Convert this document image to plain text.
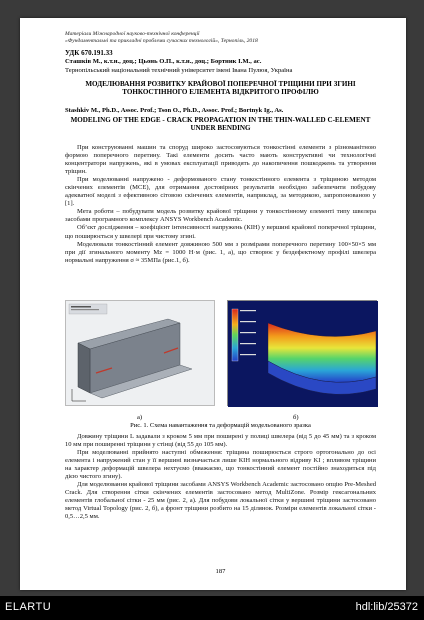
Матеріали Міжнародної науково-технічної конференції
«Фундаментальні та прикладні проблеми сучасних технологій», Тернопіль, 2018
УДК 670.191.33
Сташків М., к.т.н., доц.; Цьонь О.П., к.т.н., доц.; Бортник І.М., ас.
Тернопільський національний технічний університет імені Івана Пулюя, Україна
МОДЕЛЮВАННЯ РОЗВИТКУ КРАЙОВОЇ ПОПЕРЕЧНОЇ ТРІЩИНИ ПРИ ЗГИНІ ТОНКОСТІННОГО ЕЛЕМЕНТА ВІДКРИТОГО ПРОФІЛЮ
Stashkiv M., Ph.D., Assoc. Prof.; Tson O., Ph.D., Assoc. Prof.; Bortnyk Ig., As.
MODELING OF THE EDGE - CRACK PROPAGATION IN THE THIN-WALLED C-ELEMENT UNDER BENDING

При конструюванні машин та споруд широко застосовуються тонкостінні елементи з різноманітною формою поперечного перетину. Такі елементи досить часто мають конструктивні чи технологічні концентратори напружень, які в умовах експлуатації приводять до накопичення пошкоджень та утворення тріщин.

При моделюванні напружено - деформованого стану тонкостінного елемента з тріщиною методом скінчених елементів (МСЕ), для отримання достовірних результатів необхідно забезпечити побудову адекватної моделі з ефективною сітовою скінчених елементів, наприклад, за методикою, запропонованою у [1].

Мета роботи – побудувати модель розвитку крайової тріщини у тонкостінному елементі типу швелера засобами програмного комплексу ANSYS Workbench Academic.

Об’єкт дослідження – коефіцієнт інтенсивності напружень (КІН) у вершині крайової поперечної тріщини, що поширюється у швелері при чистому згині.

Моделювали тонкостінний елемент довжиною 500 мм з розмірами поперечного перетину 100×50×5 мм при дії згинального моменту Mz = 1000 Н·м (рис. 1, а), що створює у бездефектному профілі швелера нормальні напруження σ ≈ 35МПа (рис.1, б).

а)	б)
Рис. 1. Схема навантаження та деформацій модельованого зразка

Довжину тріщини L задавали з кроком 5 мм при поширені у полиці швелера (від 5 до 45 мм) та з кроком 10 мм при поширенні тріщини у стінці (від 55 до 105 мм).

При моделюванні прийнято наступні обмеження: тріщина поширюється строго ортогонально до осі елемента і напружений стан у її вершині визначається лише КІН нормального відриву KI ; впливом тріщини на характер деформацій швелера нехтуємо (вважаємо, що тонкостінний елемент постійно знаходиться під дією чистого згину).

Для моделювання крайової тріщини засобами ANSYS Workbench Academic застосовано опцію Pre-Meshed Crack. Для створення сітки скінчених елементів застосовано метод MultiZone. Розмір гексагональних елементів глобальної сітки - 25 мм (рис. 2, а). Для побудови локальної сітки у вершині тріщини застосовано метод Virtual Topology (рис. 2, б), а фронт тріщини розбито на 15 ділянок. Розміри елементів локальної сітки - 0,5…2,5 мм.

187
ELARTU	hdl:lib/25372
